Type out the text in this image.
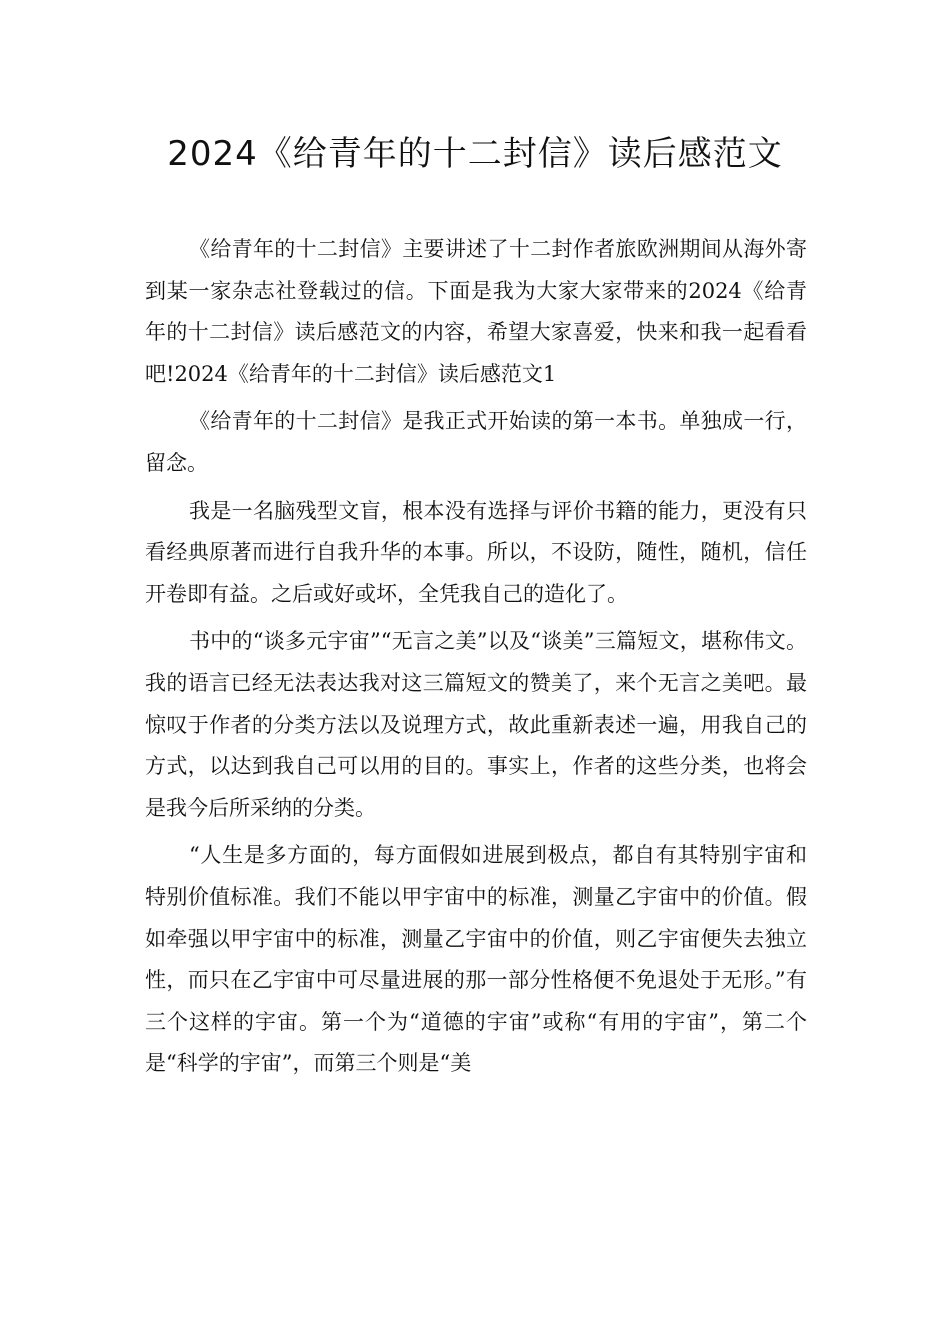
2024《给青年的十二封信》读后感范文

《给青年的十二封信》主要讲述了十二封作者旅欧洲期间从海外寄到某一家杂志社登载过的信。下面是我为大家大家带来的2024《给青年的十二封信》读后感范文的内容，希望大家喜爱，快来和我一起看看吧!2024《给青年的十二封信》读后感范文1

《给青年的十二封信》是我正式开始读的第一本书。单独成一行，留念。

我是一名脑残型文盲，根本没有选择与评价书籍的能力，更没有只看经典原著而进行自我升华的本事。所以，不设防，随性，随机，信任开卷即有益。之后或好或坏，全凭我自己的造化了。

书中的“谈多元宇宙”“无言之美”以及“谈美”三篇短文，堪称伟文。我的语言已经无法表达我对这三篇短文的赞美了，来个无言之美吧。最惊叹于作者的分类方法以及说理方式，故此重新表述一遍，用我自己的方式，以达到我自己可以用的目的。事实上，作者的这些分类，也将会是我今后所采纳的分类。

“人生是多方面的，每方面假如进展到极点，都自有其特别宇宙和特别价值标准。我们不能以甲宇宙中的标准，测量乙宇宙中的价值。假如牵强以甲宇宙中的标准，测量乙宇宙中的价值，则乙宇宙便失去独立性，而只在乙宇宙中可尽量进展的那一部分性格便不免退处于无形。”有三个这样的宇宙。第一个为“道德的宇宙”或称“有用的宇宙”，第二个是“科学的宇宙”，而第三个则是“美
